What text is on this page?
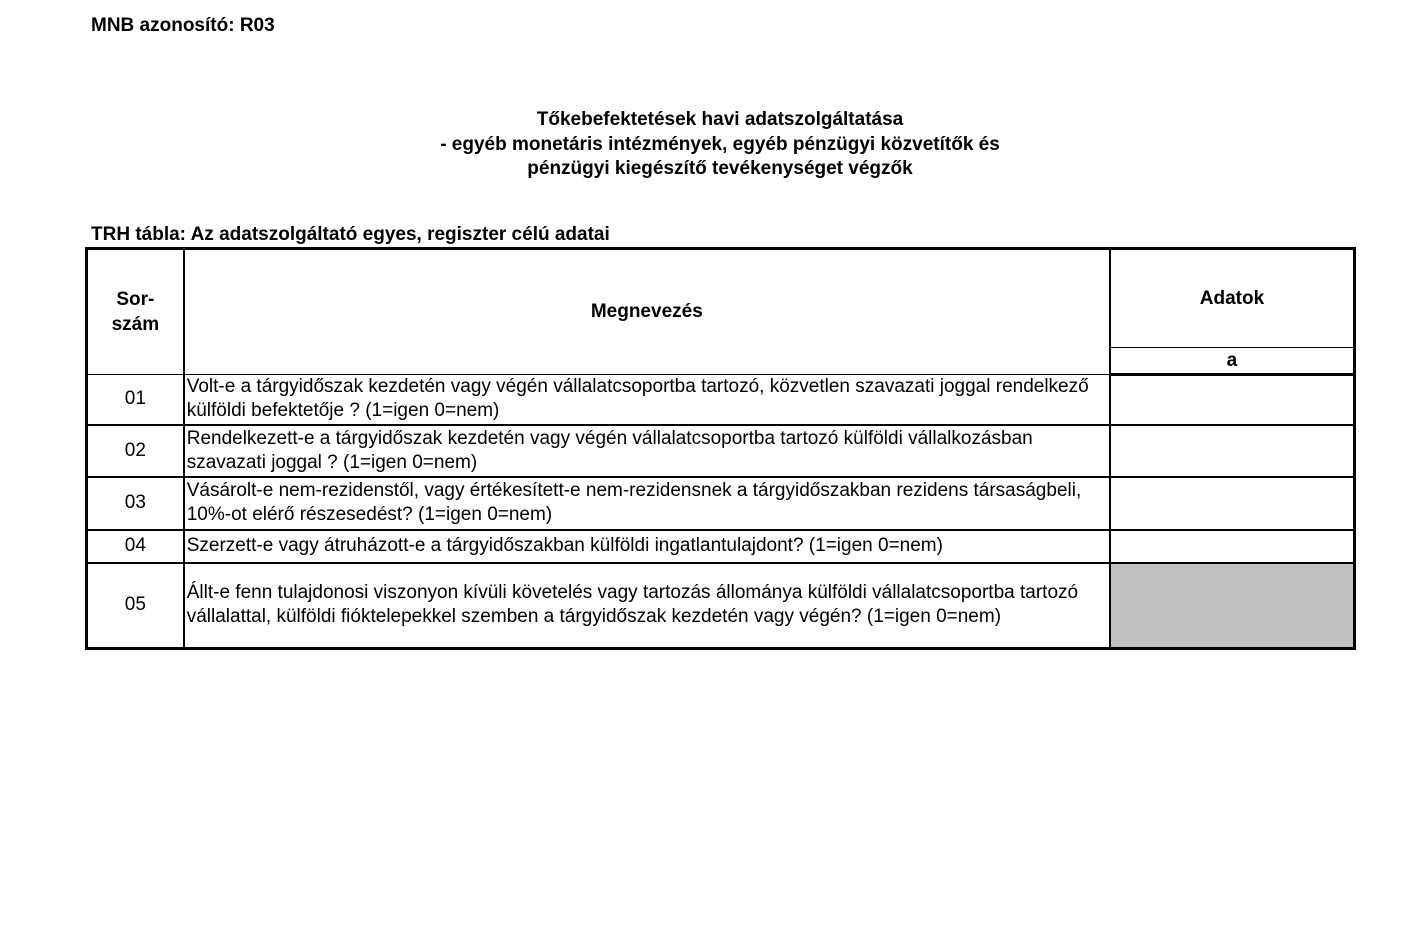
MNB azonosító: R03
Tőkebefektetések havi adatszolgáltatása
- egyéb monetáris intézmények, egyéb pénzügyi közvetítők és
pénzügyi kiegészítő tevékenységet végzők
TRH tábla: Az adatszolgáltató egyes, regiszter célú adatai
Sor-
szám	Megnevezés	Adatok
		a
01	Volt-e a tárgyidőszak kezdetén vagy végén vállalatcsoportba tartozó, közvetlen szavazati joggal rendelkező külföldi befektetője ? (1=igen 0=nem)	
02	Rendelkezett-e a tárgyidőszak kezdetén vagy végén vállalatcsoportba tartozó külföldi vállalkozásban szavazati joggal ? (1=igen 0=nem)	
03	Vásárolt-e nem-rezidenstől, vagy értékesített-e nem-rezidensnek a tárgyidőszakban rezidens társaságbeli, 10%-ot elérő részesedést? (1=igen 0=nem)	
04	Szerzett-e vagy átruházott-e a tárgyidőszakban külföldi ingatlantulajdont? (1=igen 0=nem)	
05	Állt-e fenn tulajdonosi viszonyon kívüli követelés vagy tartozás állománya külföldi vállalatcsoportba tartozó vállalattal, külföldi fióktelepekkel szemben a tárgyidőszak kezdetén vagy végén? (1=igen 0=nem)	
